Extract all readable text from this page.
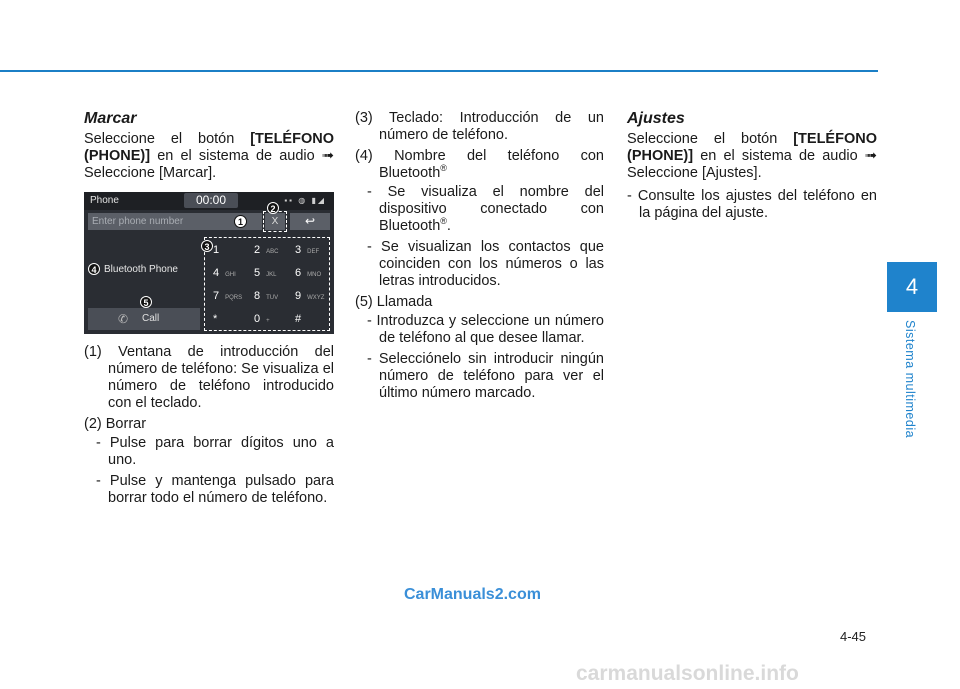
Marcar

Seleccione el botón [TELÉFONO (PHONE)] en el sistema de audio ➟ Seleccione [Marcar].

Phone	00:00	▪▪ ◍ ▮◢
Enter phone number	X	↩
Bluetooth Phone
✆ Call
1	2 ABC	3 DEF
4 GHI	5 JKL	6 MNO
7 PQRS	8 TUV	9 WXYZ
*	0 +	#
1
2
3
4
5

(1) Ventana de introducción del número de teléfono: Se visualiza el número de teléfono introducido con el teclado.

(2) Borrar

- Pulse para borrar dígitos uno a uno.

- Pulse y mantenga pulsado para borrar todo el número de teléfono.

(3) Teclado: Introducción de un número de teléfono.

(4) Nombre del teléfono con Bluetooth®

- Se visualiza el nombre del dispositivo conectado con Bluetooth®.

- Se visualizan los contactos que coinciden con los números o las letras introducidos.

(5) Llamada

- Introduzca y seleccione un número de teléfono al que desee llamar.

- Selecciónelo sin introducir ningún número de teléfono para ver el último número marcado.

Ajustes

Seleccione el botón [TELÉFONO (PHONE)] en el sistema de audio ➟ Seleccione [Ajustes].

- Consulte los ajustes del teléfono en la página del ajuste.

4
Sistema multimedia
4-45
CarManuals2.com
carmanualsonline.info
